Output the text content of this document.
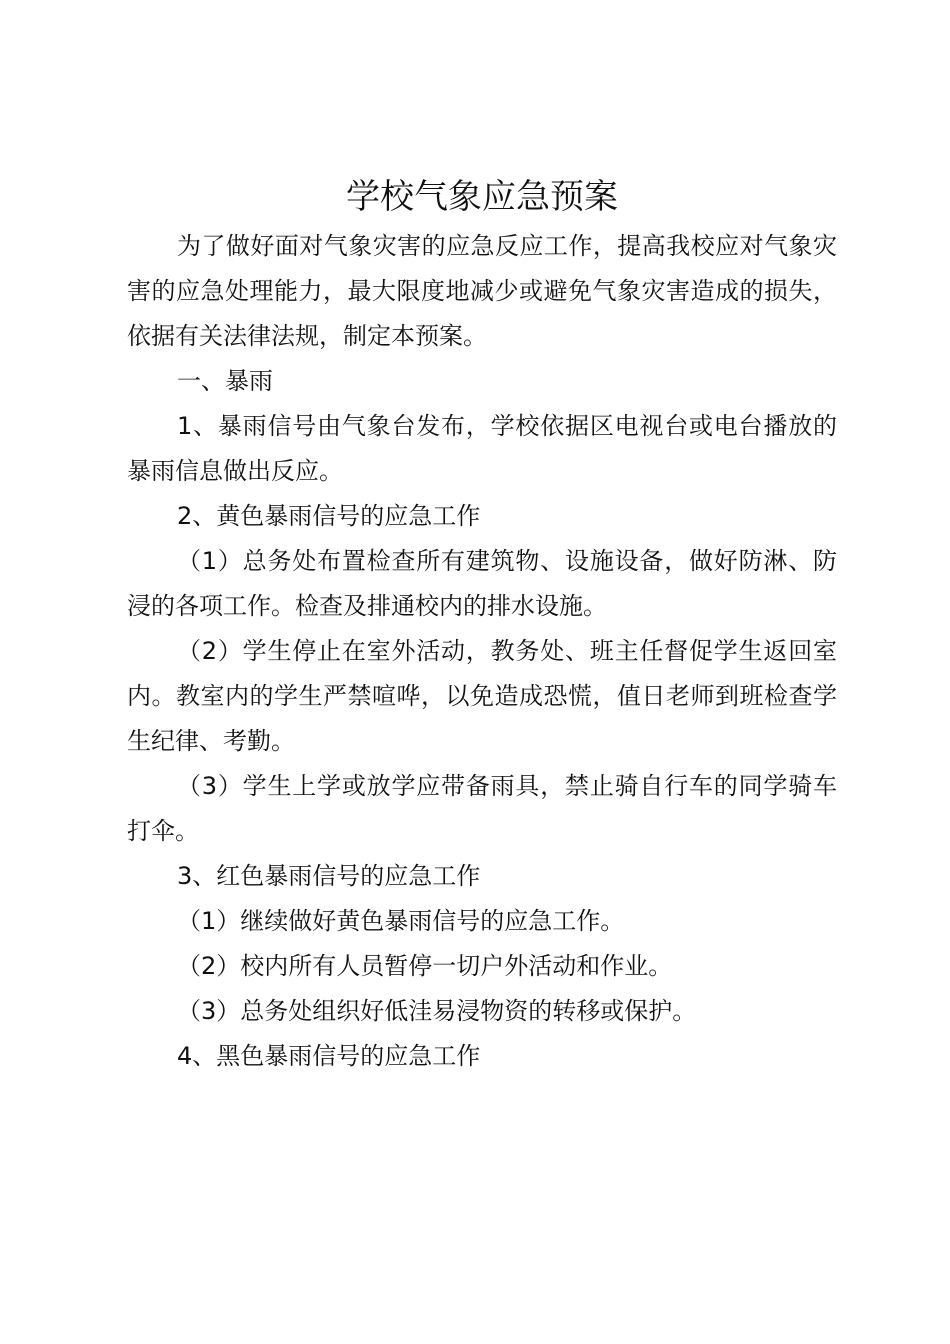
学校气象应急预案

为了做好面对气象灾害的应急反应工作，提高我校应对气象灾害的应急处理能力，最大限度地减少或避免气象灾害造成的损失，依据有关法律法规，制定本预案。

一、暴雨

1、暴雨信号由气象台发布，学校依据区电视台或电台播放的暴雨信息做出反应。

2、黄色暴雨信号的应急工作

（1）总务处布置检查所有建筑物、设施设备，做好防淋、防浸的各项工作。检查及排通校内的排水设施。

（2）学生停止在室外活动，教务处、班主任督促学生返回室内。教室内的学生严禁喧哗，以免造成恐慌，值日老师到班检查学生纪律、考勤。

（3）学生上学或放学应带备雨具，禁止骑自行车的同学骑车打伞。

3、红色暴雨信号的应急工作

（1）继续做好黄色暴雨信号的应急工作。

（2）校内所有人员暂停一切户外活动和作业。

（3）总务处组织好低洼易浸物资的转移或保护。

4、黑色暴雨信号的应急工作
